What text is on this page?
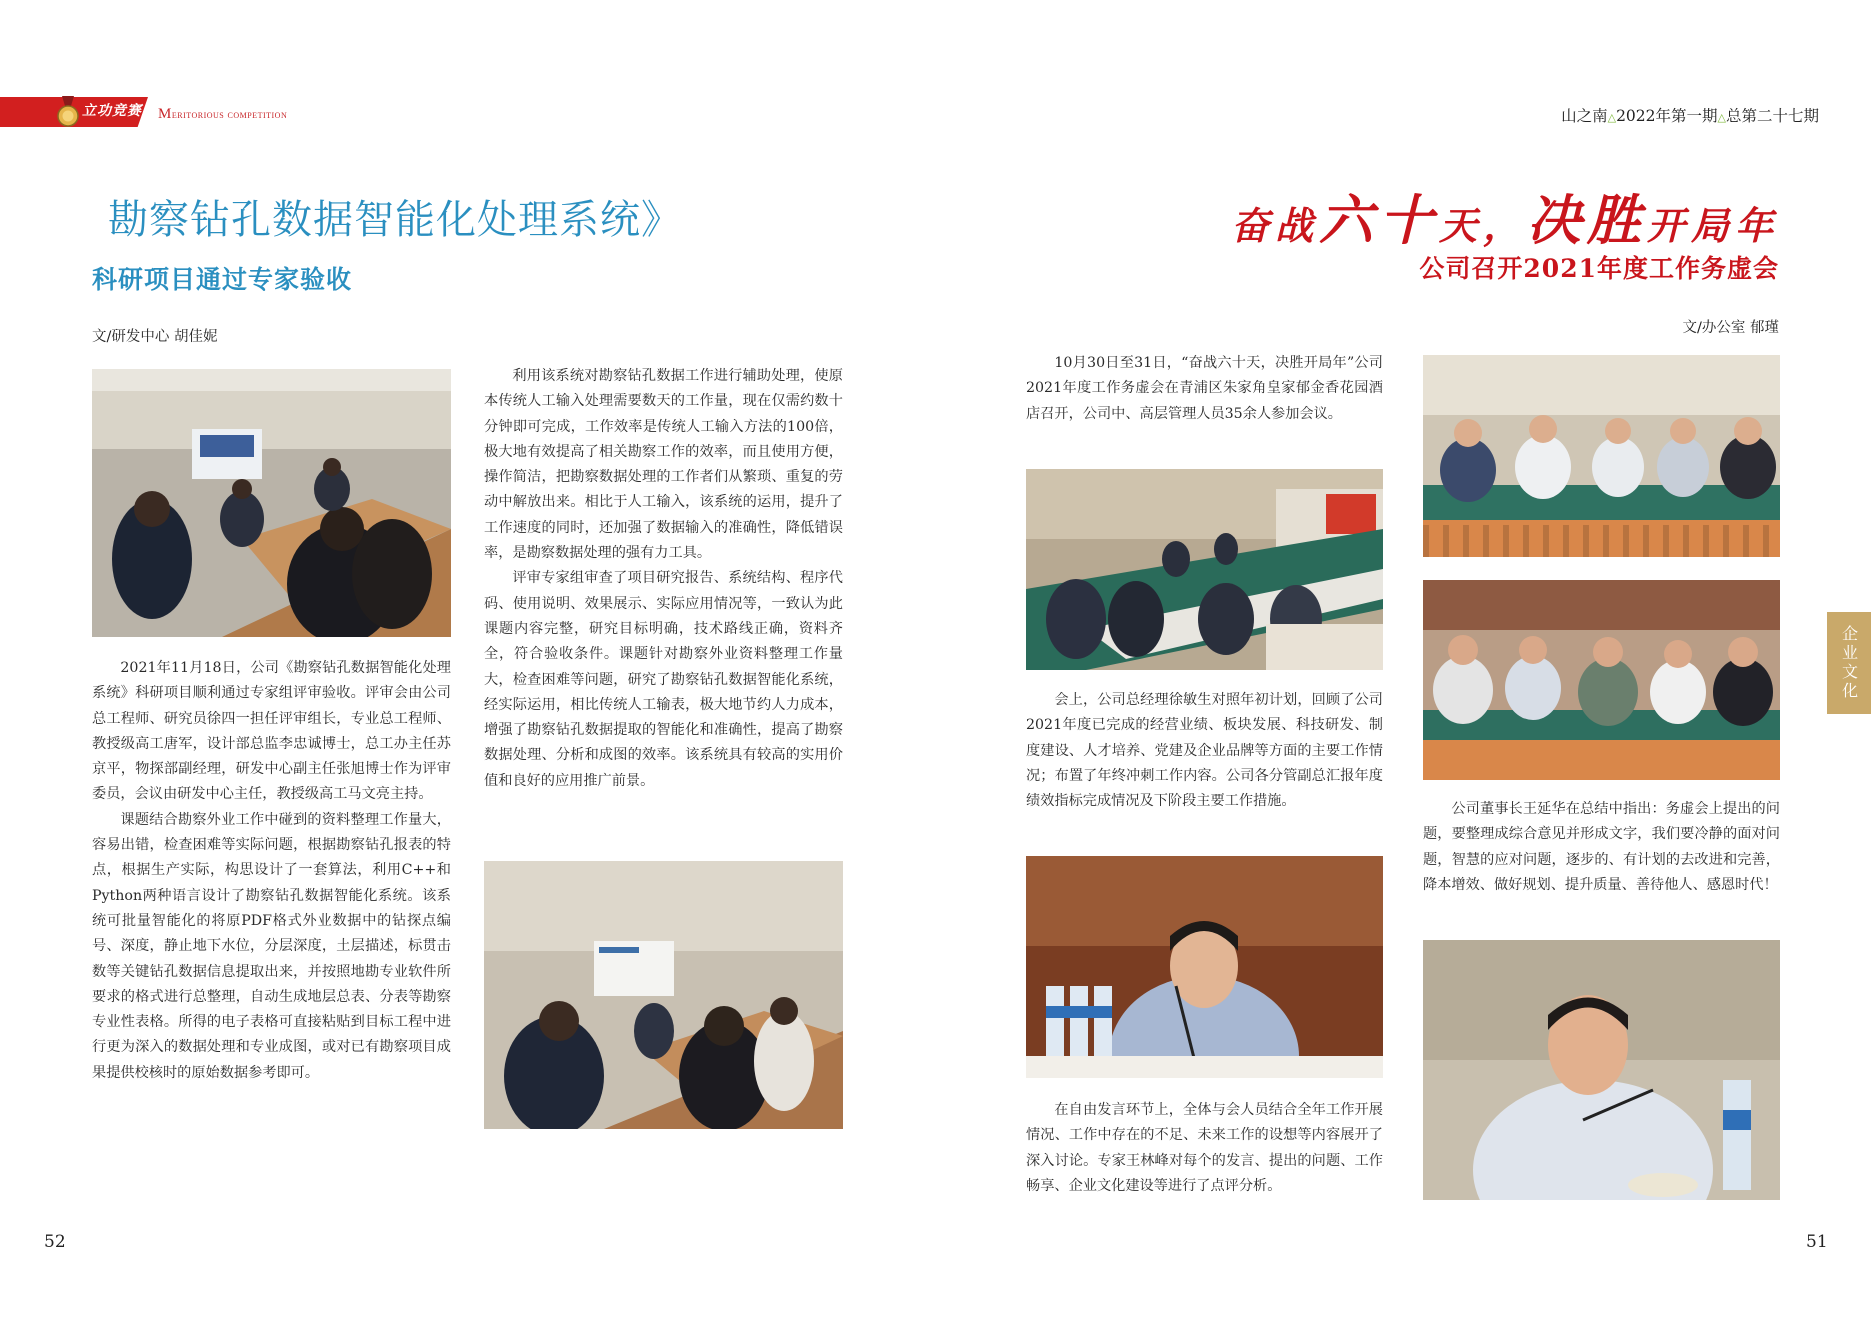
立功竞赛 Meritorious competition	山之南△2022年第一期△总第二十七期
勘察钻孔数据智能化处理系统》
科研项目通过专家验收
文/研发中心 胡佳妮

2021年11月18日，公司《勘察钻孔数据智能化处理系统》科研项目顺利通过专家组评审验收。评审会由公司总工程师、研究员徐四一担任评审组长，专业总工程师、教授级高工唐军，设计部总监李忠诚博士，总工办主任苏京平，物探部副经理，研发中心副主任张旭博士作为评审委员，会议由研发中心主任，教授级高工马文亮主持。

课题结合勘察外业工作中碰到的资料整理工作量大，容易出错，检查困难等实际问题，根据勘察钻孔报表的特点，根据生产实际，构思设计了一套算法，利用C++和Python两种语言设计了勘察钻孔数据智能化系统。该系统可批量智能化的将原PDF格式外业数据中的钻探点编号、深度，静止地下水位，分层深度，土层描述，标贯击数等关键钻孔数据信息提取出来，并按照地勘专业软件所要求的格式进行总整理，自动生成地层总表、分表等勘察专业性表格。所得的电子表格可直接粘贴到目标工程中进行更为深入的数据处理和专业成图，或对已有勘察项目成果提供校核时的原始数据参考即可。

利用该系统对勘察钻孔数据工作进行辅助处理，使原本传统人工输入处理需要数天的工作量，现在仅需约数十分钟即可完成，工作效率是传统人工输入方法的100倍，极大地有效提高了相关勘察工作的效率，而且使用方便，操作简洁，把勘察数据处理的工作者们从繁琐、重复的劳动中解放出来。相比于人工输入，该系统的运用，提升了工作速度的同时，还加强了数据输入的准确性，降低错误率，是勘察数据处理的强有力工具。

评审专家组审查了项目研究报告、系统结构、程序代码、使用说明、效果展示、实际应用情况等，一致认为此课题内容完整，研究目标明确，技术路线正确，资料齐全，符合验收条件。课题针对勘察外业资料整理工作量大，检查困难等问题，研究了勘察钻孔数据智能化系统，经实际运用，相比传统人工输表，极大地节约人力成本，增强了勘察钻孔数据提取的智能化和准确性，提高了勘察数据处理、分析和成图的效率。该系统具有较高的实用价值和良好的应用推广前景。

52
奋战六十天，决胜开局年
公司召开2021年度工作务虚会
文/办公室 郁瑾

10月30日至31日，“奋战六十天，决胜开局年”公司2021年度工作务虚会在青浦区朱家角皇家郁金香花园酒店召开，公司中、高层管理人员35余人参加会议。

会上，公司总经理徐敏生对照年初计划，回顾了公司2021年度已完成的经营业绩、板块发展、科技研发、制度建设、人才培养、党建及企业品牌等方面的主要工作情况；布置了年终冲刺工作内容。公司各分管副总汇报年度绩效指标完成情况及下阶段主要工作措施。

在自由发言环节上，全体与会人员结合全年工作开展情况、工作中存在的不足、未来工作的设想等内容展开了深入讨论。专家王林峰对每个的发言、提出的问题、工作畅享、企业文化建设等进行了点评分析。

公司董事长王延华在总结中指出：务虚会上提出的问题，要整理成综合意见并形成文字，我们要冷静的面对问题，智慧的应对问题，逐步的、有计划的去改进和完善，降本增效、做好规划、提升质量、善待他人、感恩时代！

51
企业文化
